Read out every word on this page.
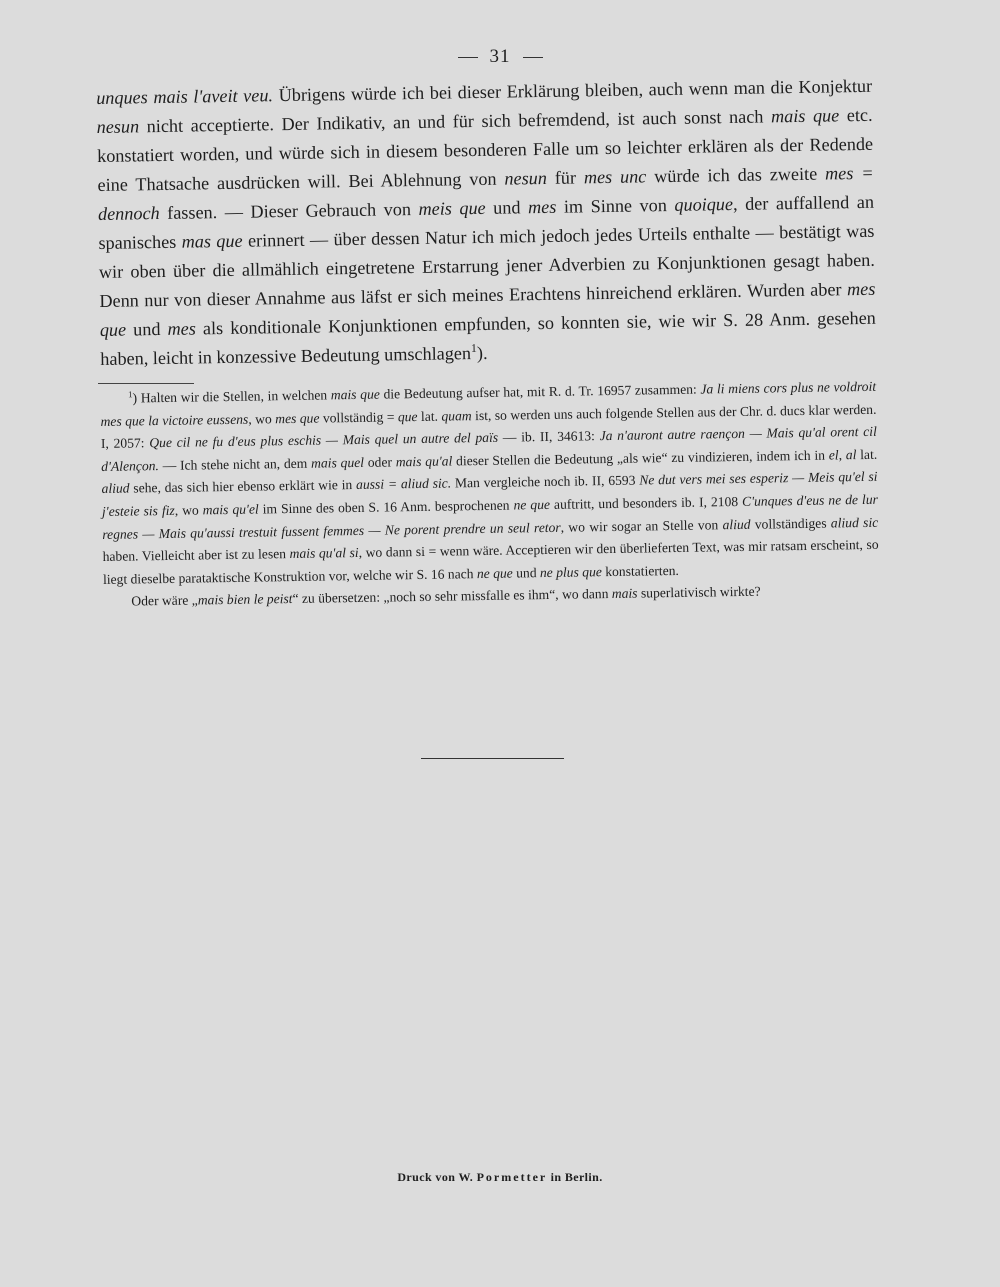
31

unques mais l'aveit veu. Übrigens würde ich bei dieser Erklärung bleiben, auch wenn man die Konjektur nesun nicht acceptierte. Der Indikativ, an und für sich befremdend, ist auch sonst nach mais que etc. konstatiert worden, und würde sich in diesem besonderen Falle um so leichter erklären als der Redende eine Thatsache ausdrücken will. Bei Ablehnung von nesun für mes unc würde ich das zweite mes = dennoch fassen. — Dieser Gebrauch von meis que und mes im Sinne von quoique, der auffallend an spanisches mas que erinnert — über dessen Natur ich mich jedoch jedes Urteils enthalte — bestätigt was wir oben über die allmählich eingetretene Erstarrung jener Adverbien zu Konjunktionen gesagt haben. Denn nur von dieser Annahme aus läfst er sich meines Erachtens hinreichend erklären. Wurden aber mes que und mes als konditionale Konjunktionen empfunden, so konnten sie, wie wir S. 28 Anm. gesehen haben, leicht in konzessive Bedeutung umschlagen$^1$).

$^1$) Halten wir die Stellen, in welchen mais que die Bedeutung aufser hat, mit R. d. Tr. 16957 zusammen: Ja li miens cors plus ne voldroit mes que la victoire eussens, wo mes que vollständig = que lat. quam ist, so werden uns auch folgende Stellen aus der Chr. d. ducs klar werden. I, 2057: Que cil ne fu d'eus plus eschis — Mais quel un autre del païs — ib. II, 34613: Ja n'auront autre raençon — Mais qu'al orent cil d'Alençon. — Ich stehe nicht an, dem mais quel oder mais qu'al dieser Stellen die Bedeutung „als wie“ zu vindizieren, indem ich in el, al lat. aliud sehe, das sich hier ebenso erklärt wie in aussi = aliud sic. Man vergleiche noch ib. II, 6593 Ne dut vers mei ses esperiz — Meis qu'el si j'esteie sis fiz, wo mais qu'el im Sinne des oben S. 16 Anm. besprochenen ne que auftritt, und besonders ib. I, 2108 C'unques d'eus ne de lur regnes — Mais qu'aussi trestuit fussent femmes — Ne porent prendre un seul retor, wo wir sogar an Stelle von aliud vollständiges aliud sic haben. Vielleicht aber ist zu lesen mais qu'al si, wo dann si = wenn wäre. Acceptieren wir den überlieferten Text, was mir ratsam erscheint, so liegt dieselbe parataktische Konstruktion vor, welche wir S. 16 nach ne que und ne plus que konstatierten.

Oder wäre „mais bien le peist“ zu übersetzen: „noch so sehr missfalle es ihm“, wo dann mais superlativisch wirkte?

Druck von W. Pormetter in Berlin.
